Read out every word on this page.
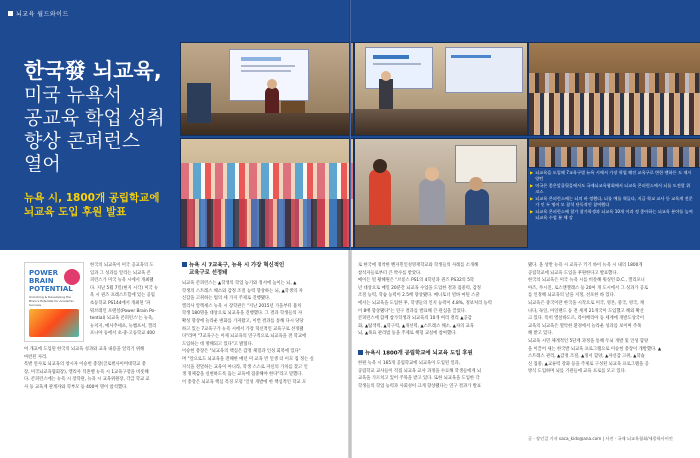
뇌교육 월드와이드
한국發 뇌교육,
미국 뉴욕서
공교육 학업 성취
향상 콘퍼런스
열어
뉴욕 시, 1800개 공립학교에
뇌교육 도입 후원 발표

▶ 뇌교육을 도입해 7교육구별 뉴욕 시에서 가장 학업 해진 교육구로 변한 맨하튼 도 제시 양턴

▶ 미국은 좋은앞줄뒷을에서도 국제뇌교육협회에서 뇌교육 콘퍼런스에서 뇌를 도전할 위 코스

▶ 뇌교육 콘퍼런스에는 뇌의 바 정했다, 뇌를 예를 혁들다, 지금 학교 교사 등 교육계 전문가 인 두 명이 모 참석 단독적인 참여했다

▶ 뇌교육 콘퍼런스에 참가 참가학생과 뇌교육 10개 이과 정 좋아하는 뇌교육 분야를 높여 뇌교육 수업 분 체 강

POWER
BRAIN
POTENTIAL
Unlocking & Developing the Brain's Potential for Academic Success
한국의 뇌교육이 미국 공교육의 도
입과 그 성과를 알리는 뇌교육 콘
퍼런스가 미국 뉴욕 시에서 개최됐
다. 지난 5월 7일(현지 시각) 미국 뉴
욕 시 퀸즈 프레스트힐에 있는 공립
초등학교 PS144에서 개최된 '파
워브레인 포텐셜(Power Brain Po-
tential) 뇌교육 콘퍼런스'는 뉴욕,
뉴저지, 메사추세츠, 뉴햄프셔, 캘리
포니아 등에서 초·중·고등학교 400
여 개교에 도입된 한국의 뇌교육 성과와 교육 내용을 알리기 위해
마련된 자리.
특별 연사로 뇌교육의 창시자 이승헌 총장(글로벌사이버대학교 총
장, 미국뇌교육협회장), 엘리사 덕혼벨 뉴욕 시 1교육구장을 비롯해
다. 콘퍼런스에는 뉴욕 시 장학관, 뉴욕 시 교육위원장, 각급 학교 교
사 등 교육계 관계자와 학부모 등 400여 명이 참석했다.
뉴욕 시 7교육구, 뉴욕 시 가장 혁신적인
교육구로 선정돼
뇌교육 콘퍼런스는 ▲학생의 학업 능기와 정서에 높이는 뇌, ▲
학생의 스트레스 해소와 감정 조절 능력 향상하는 뇌, ▲학생의 자
신감을 고취하는 법의 세 가지 주제로 진행됐다.
엘리사 알렉세스 뉴욕 시 장학관은 "지난 2015년 가을부터 불치
학생 180명을 대상으로 뇌교육을 진행했다. 그 결과 학생들의 자
확성 향상에 놀라운 변화를 가져왔고, 이번 결과를 통해 다시 당당
하고 있는 7교육구가 뉴욕 시에서 가장 혁신적인 교육구로 선정됐
다"라며 "7교육구는 이제 뇌교육의 연구적으로 뇌교육을 전 학교에
도입하는 데 방해되고 있다"고 밝혔다.
이승헌 총장은 "뇌교육의 핵심은 감정 체험과 인성 회복에 있다"
며 "앞으로도 뇌교육을 전해한 매년 미 교육 빈 인생 더 이모 집 정는 실
지식을 전달하는 교육이 아니라, 학생 스스로 자신의 가치를 찾고 인
생 정체감을 실현하도록 돕는 교육에 집중해야 한다"라고 말했다.
이 총장은 뇌교육 핵심 특징 모형 '인성 개발에 한 핵심적인 학교 모
로 한국에 정착한 벤자민인성영재학교와 학생들의 사례를 소개해
참석자들로부터 큰 박수를 받았다.
메이든 빌 황혜원은 "브롱스 PS1의 4학년과 퀸즈 PS32의 5학
년 대상으로 매일 20분간 뇌교육 수업을 도입한 결과 집중력, 감정
조절 능력, 학습 능력이 2.5배 향상됐다. 메니토너 빌바 마틴 스쿨
에서는 뇌교육을 도입한 후, 학생들의 인지 능력이 4.8%, 정보처리 능력
이 8배 향상됐다"는 연구 결과를 발표해 큰 관심을 끌었다.
콘퍼런스에 함께 참가학생과 뇌교육의 10개 버리 결리 ▲공감
화, ▲탐색력, ▲학구력, ▲개선력, ▲스트레스 해소, ▲자의 교육
뇌, ▲목표 관리법 등을 주제로 책형 교실에 참여했다.
뉴욕시 1800개 공립학교에 뇌교육 도입 후원
한편 뉴욕 시 165개 공립학교에 뇌교육이 도입된 일과,
공립학교 교사들이 직접 뇌교육 교사 과정을 수료해 학생들에게 뇌
교육을 가르치고 있어 주목을 받고 있다. 또한 뇌교육을 도입한 각
학생들의 학업 능력과 사회성이 크게 향상됐다는 연구 결과가 발표
됐다. 올 상반 뉴욕 시 교육구 키기 바이 뉴욕 시 내의 1800개
공립학교에 뇌교육 도입을 후원한다고 발표했다.
한국의 뇌교육은 미국 뉴욕 시를 비롯해 워싱턴 D.C., 캘리포니
아즈, 푸시진, 로스앤젤레스 등 20여 개 도시에서 그 성과가 공로
를 인정해 뇌교육의 날을 지정, 선포한 바 있다.
뇌교육은 중국이란 한국을 시작으로 미국, 영본, 중국, 영국, 캐
나다, 독일, 아일랜드 등 전 세계 21개국이 도입했고 해외 확산
크 있다. 특히 엘살바도르, 라이베리아 등 세계에 개발도상국이
교육의 뇌교육은 열악한 환경에서 놀라운 성과를 보이며 주목
해 받고 있다.
뇌교육 시민 체계적인 5단계 과정을 통해 두뇌 개발 및 인성 함양
을 이끌어 새는 한국발 뇌교육 프로그램으로 이승헌 총장이 개발했다. ▲
스트레스 관리, ▲감정 조절, ▲정서 함양, ▲자신감 고취, ▲학습
신 집중, ▲교류력 강화 등을 주제로 구성된 뇌교육 프로그램을 공
방식 도입하며 뇌를 기관들에 교육 프로를 모고 있다.
글 · 장인걸 기자 saca_kids@ana.com | 사진 · 국제 뇌교육협회/세종학사이언
